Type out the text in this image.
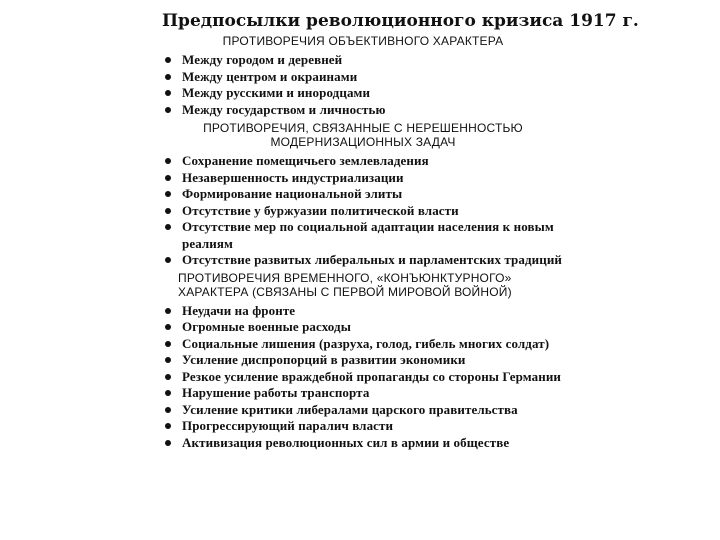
Предпосылки революционного кризиса 1917 г.
ПРОТИВОРЕЧИЯ ОБЪЕКТИВНОГО ХАРАКТЕРА
Между городом и деревней
Между центром и окраинами
Между русскими и инородцами
Между государством и личностью
ПРОТИВОРЕЧИЯ, СВЯЗАННЫЕ С НЕРЕШЕННОСТЬЮ МОДЕРНИЗАЦИОННЫХ ЗАДАЧ
Сохранение помещичьего землевладения
Незавершенность индустриализации
Формирование национальной элиты
Отсутствие у буржуазии политической власти
Отсутствие мер по социальной адаптации населения к новым реалиям
Отсутствие развитых либеральных и парламентских традиций
ПРОТИВОРЕЧИЯ ВРЕМЕННОГО, «КОНЪЮНКТУРНОГО» ХАРАКТЕРА (СВЯЗАНЫ С ПЕРВОЙ МИРОВОЙ ВОЙНОЙ)
Неудачи на фронте
Огромные военные расходы
Социальные лишения (разруха, голод, гибель многих солдат)
Усиление диспропорций в развитии экономики
Резкое усиление враждебной пропаганды со стороны Германии
Нарушение работы транспорта
Усиление критики либералами царского правительства
Прогрессирующий паралич власти
Активизация революционных сил в армии и обществе
